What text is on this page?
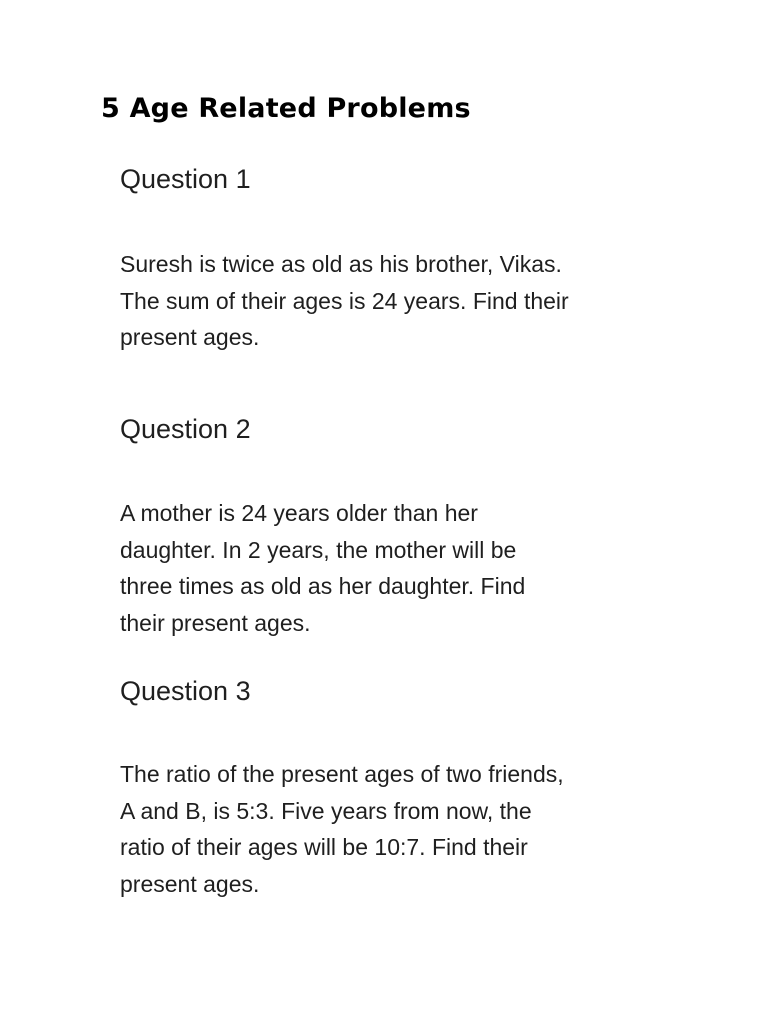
5 Age Related Problems
Question 1

Suresh is twice as old as his brother, Vikas.
The sum of their ages is 24 years. Find their
present ages.

Question 2

A mother is 24 years older than her
daughter. In 2 years, the mother will be
three times as old as her daughter. Find
their present ages.

Question 3

The ratio of the present ages of two friends,
A and B, is 5:3. Five years from now, the
ratio of their ages will be 10:7. Find their
present ages.
